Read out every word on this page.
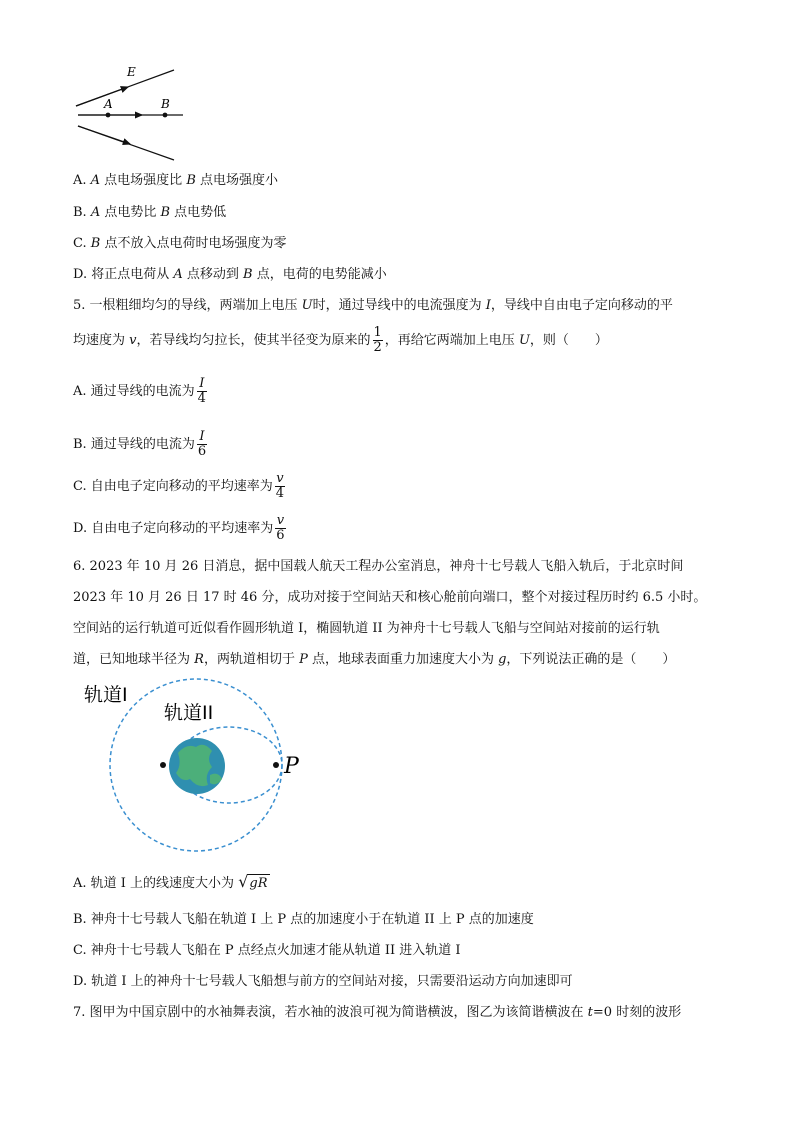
E
A	B
A. A 点电场强度比 B 点电场强度小
B. A 点电势比 B 点电势低
C. B 点不放入点电荷时电场强度为零
D. 将正点电荷从 A 点移动到 B 点，电荷的电势能减小
5. 一根粗细均匀的导线，两端加上电压 U时，通过导线中的电流强度为 I，导线中自由电子定向移动的平
均速度为 v，若导线均匀拉长，使其半径变为原来的 $\frac{1}{2}$ ，再给它两端加上电压 U，则（　　）
A. 通过导线的电流为 $\frac{I}{4}$
B. 通过导线的电流为 $\frac{I}{6}$
C. 自由电子定向移动的平均速率为 $\frac{v}{4}$
D. 自由电子定向移动的平均速率为 $\frac{v}{6}$
6. 2023 年 10 月 26 日消息，据中国载人航天工程办公室消息，神舟十七号载人飞船入轨后，于北京时间
2023 年 10 月 26 日 17 时 46 分，成功对接于空间站天和核心舱前向端口，整个对接过程历时约 6.5 小时。
空间站的运行轨道可近似看作圆形轨道 I，椭圆轨道 II 为神舟十七号载人飞船与空间站对接前的运行轨
道，已知地球半径为 R，两轨道相切于 P 点，地球表面重力加速度大小为 g，下列说法正确的是（　　）
轨道I
轨道II
P
A. 轨道 I 上的线速度大小为 √gR
B. 神舟十七号载人飞船在轨道 I 上 P 点的加速度小于在轨道 II 上 P 点的加速度
C. 神舟十七号载人飞船在 P 点经点火加速才能从轨道 II 进入轨道 I
D. 轨道 I 上的神舟十七号载人飞船想与前方的空间站对接，只需要沿运动方向加速即可
7. 图甲为中国京剧中的水袖舞表演，若水袖的波浪可视为简谐横波，图乙为该简谐横波在 t=0 时刻的波形
